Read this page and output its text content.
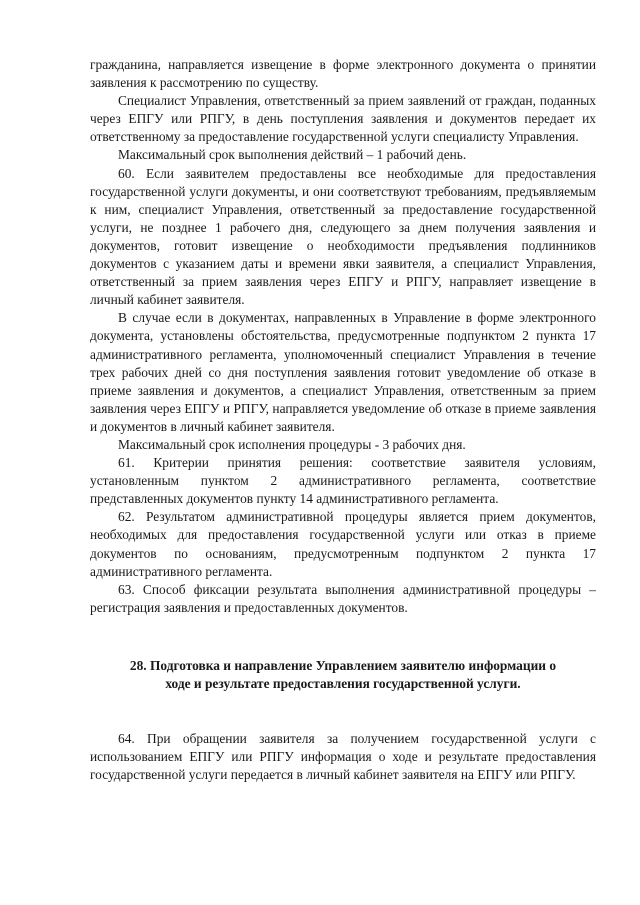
гражданина, направляется извещение в форме электронного документа о принятии заявления к рассмотрению по существу.

Специалист Управления, ответственный за прием заявлений от граждан, поданных через ЕПГУ или РПГУ, в день поступления заявления и документов передает их ответственному за предоставление государственной услуги специалисту Управления.

Максимальный срок выполнения действий – 1 рабочий день.

60. Если заявителем предоставлены все необходимые для предоставления государственной услуги документы, и они соответствуют требованиям, предъявляемым к ним, специалист Управления, ответственный за предоставление государственной услуги, не позднее 1 рабочего дня, следующего за днем получения заявления и документов, готовит извещение о необходимости предъявления подлинников документов с указанием даты и времени явки заявителя, а специалист Управления, ответственный за прием заявления через ЕПГУ и РПГУ, направляет извещение в личный кабинет заявителя.

В случае если в документах, направленных в Управление в форме электронного документа, установлены обстоятельства, предусмотренные подпунктом 2 пункта 17 административного регламента, уполномоченный специалист Управления в течение трех рабочих дней со дня поступления заявления готовит уведомление об отказе в приеме заявления и документов, а специалист Управления, ответственным за прием заявления через ЕПГУ и РПГУ, направляется уведомление об отказе в приеме заявления и документов в личный кабинет заявителя.

Максимальный срок исполнения процедуры - 3 рабочих дня.

61. Критерии принятия решения: соответствие заявителя условиям, установленным пунктом 2 административного регламента, соответствие представленных документов пункту 14 административного регламента.

62. Результатом административной процедуры является прием документов, необходимых для предоставления государственной услуги или отказ в приеме документов по основаниям, предусмотренным подпунктом 2 пункта 17 административного регламента.

63. Способ фиксации результата выполнения административной процедуры – регистрация заявления и предоставленных документов.

28. Подготовка и направление Управлением заявителю информации о ходе и результате предоставления государственной услуги.

64. При обращении заявителя за получением государственной услуги с использованием ЕПГУ или РПГУ информация о ходе и результате предоставления государственной услуги передается в личный кабинет заявителя на ЕПГУ или РПГУ.
